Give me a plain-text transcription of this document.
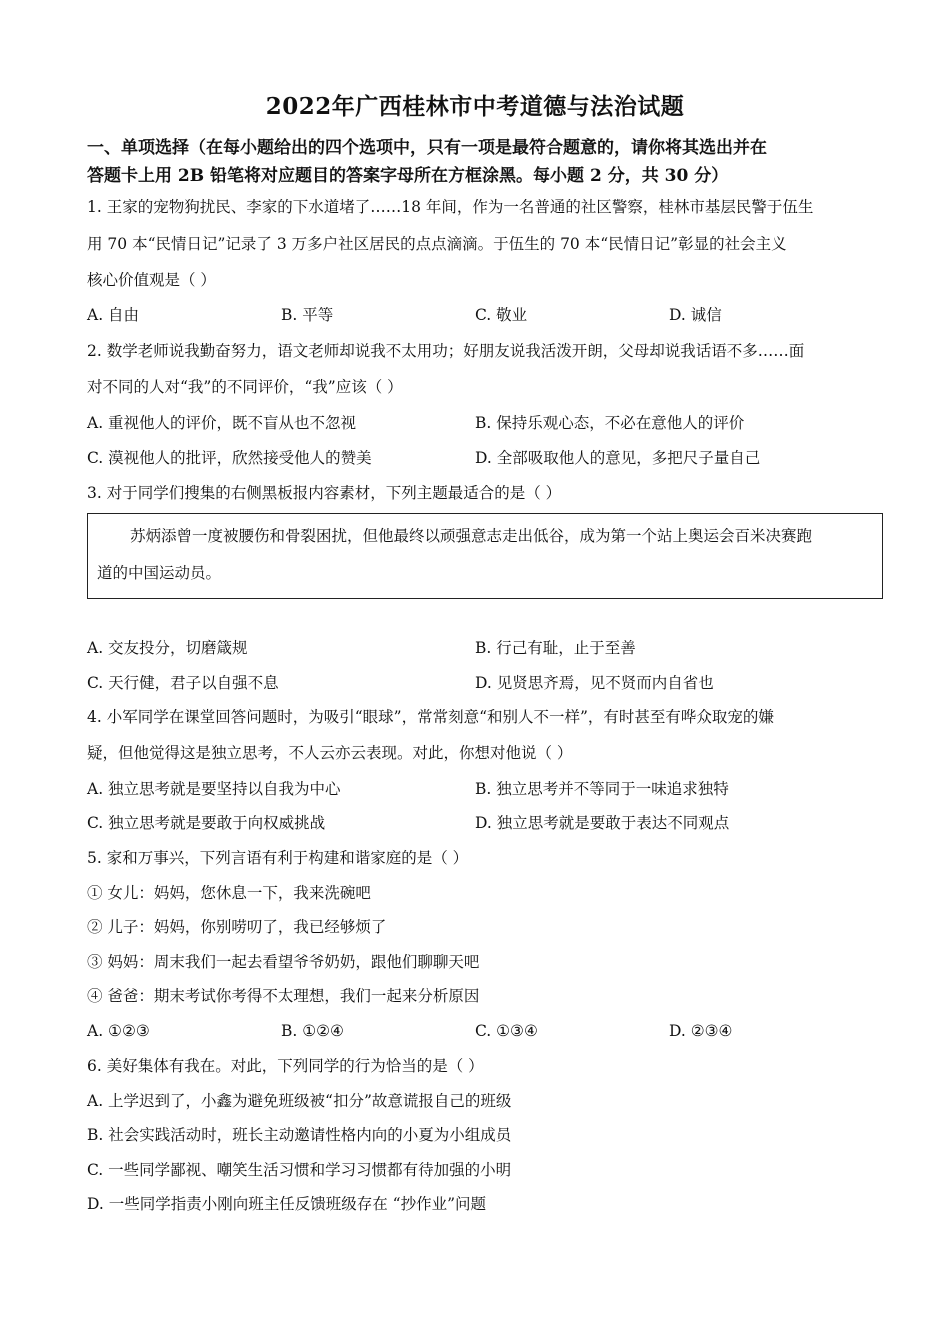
2022年广西桂林市中考道德与法治试题
一、单项选择（在每小题给出的四个选项中，只有一项是最符合题意的，请你将其选出并在
答题卡上用 2B 铅笔将对应题目的答案字母所在方框涂黑。每小题 2 分，共 30 分）
1. 王家的宠物狗扰民、李家的下水道堵了……18 年间，作为一名普通的社区警察，桂林市基层民警于伍生
用 70 本“民情日记”记录了 3 万多户社区居民的点点滴滴。于伍生的 70 本“民情日记”彰显的社会主义
核心价值观是（ ）
A. 自由	B. 平等	C. 敬业	D. 诚信
2. 数学老师说我勤奋努力，语文老师却说我不太用功；好朋友说我活泼开朗，父母却说我话语不多……面
对不同的人对“我”的不同评价，“我”应该（ ）
A. 重视他人的评价，既不盲从也不忽视	B. 保持乐观心态，不必在意他人的评价
C. 漠视他人的批评，欣然接受他人的赞美	D. 全部吸取他人的意见，多把尺子量自己
3. 对于同学们搜集的右侧黑板报内容素材，下列主题最适合的是（ ）
苏炳添曾一度被腰伤和骨裂困扰，但他最终以顽强意志走出低谷，成为第一个站上奥运会百米决赛跑
道的中国运动员。
A. 交友投分，切磨箴规	B. 行己有耻，止于至善
C. 天行健，君子以自强不息	D. 见贤思齐焉，见不贤而内自省也
4. 小军同学在课堂回答问题时，为吸引“眼球”，常常刻意“和别人不一样”，有时甚至有哗众取宠的嫌
疑，但他觉得这是独立思考，不人云亦云表现。对此，你想对他说（ ）
A. 独立思考就是要坚持以自我为中心	B. 独立思考并不等同于一味追求独特
C. 独立思考就是要敢于向权威挑战	D. 独立思考就是要敢于表达不同观点
5. 家和万事兴，下列言语有利于构建和谐家庭的是（ ）
① 女儿：妈妈，您休息一下，我来洗碗吧
② 儿子：妈妈，你别唠叨了，我已经够烦了
③ 妈妈：周末我们一起去看望爷爷奶奶，跟他们聊聊天吧
④ 爸爸：期末考试你考得不太理想，我们一起来分析原因
A. ①②③	B. ①②④	C. ①③④	D. ②③④
6. 美好集体有我在。对此，下列同学的行为恰当的是（ ）
A. 上学迟到了，小鑫为避免班级被“扣分”故意谎报自己的班级
B. 社会实践活动时，班长主动邀请性格内向的小夏为小组成员
C. 一些同学鄙视、嘲笑生活习惯和学习习惯都有待加强的小明
D. 一些同学指责小刚向班主任反馈班级存在 “抄作业”问题
